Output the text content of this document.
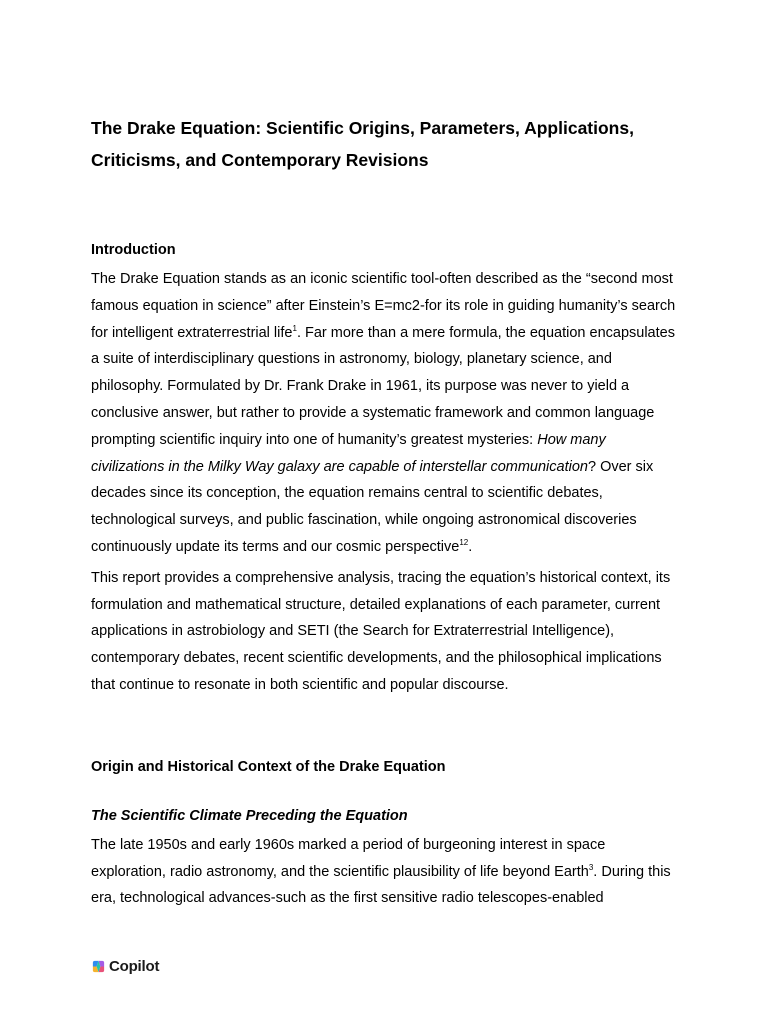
The Drake Equation: Scientific Origins, Parameters, Applications, Criticisms, and Contemporary Revisions
Introduction

The Drake Equation stands as an iconic scientific tool-often described as the “second most famous equation in science” after Einstein’s E=mc2-for its role in guiding humanity’s search for intelligent extraterrestrial life$^1$. Far more than a mere formula, the equation encapsulates a suite of interdisciplinary questions in astronomy, biology, planetary science, and philosophy. Formulated by Dr. Frank Drake in 1961, its purpose was never to yield a conclusive answer, but rather to provide a systematic framework and common language prompting scientific inquiry into one of humanity’s greatest mysteries: How many civilizations in the Milky Way galaxy are capable of interstellar communication? Over six decades since its conception, the equation remains central to scientific debates, technological surveys, and public fascination, while ongoing astronomical discoveries continuously update its terms and our cosmic perspective$^{12}$.

This report provides a comprehensive analysis, tracing the equation’s historical context, its formulation and mathematical structure, detailed explanations of each parameter, current applications in astrobiology and SETI (the Search for Extraterrestrial Intelligence), contemporary debates, recent scientific developments, and the philosophical implications that continue to resonate in both scientific and popular discourse.

Origin and Historical Context of the Drake Equation
The Scientific Climate Preceding the Equation

The late 1950s and early 1960s marked a period of burgeoning interest in space exploration, radio astronomy, and the scientific plausibility of life beyond Earth$^3$. During this era, technological advances-such as the first sensitive radio telescopes-enabled

Copilot
